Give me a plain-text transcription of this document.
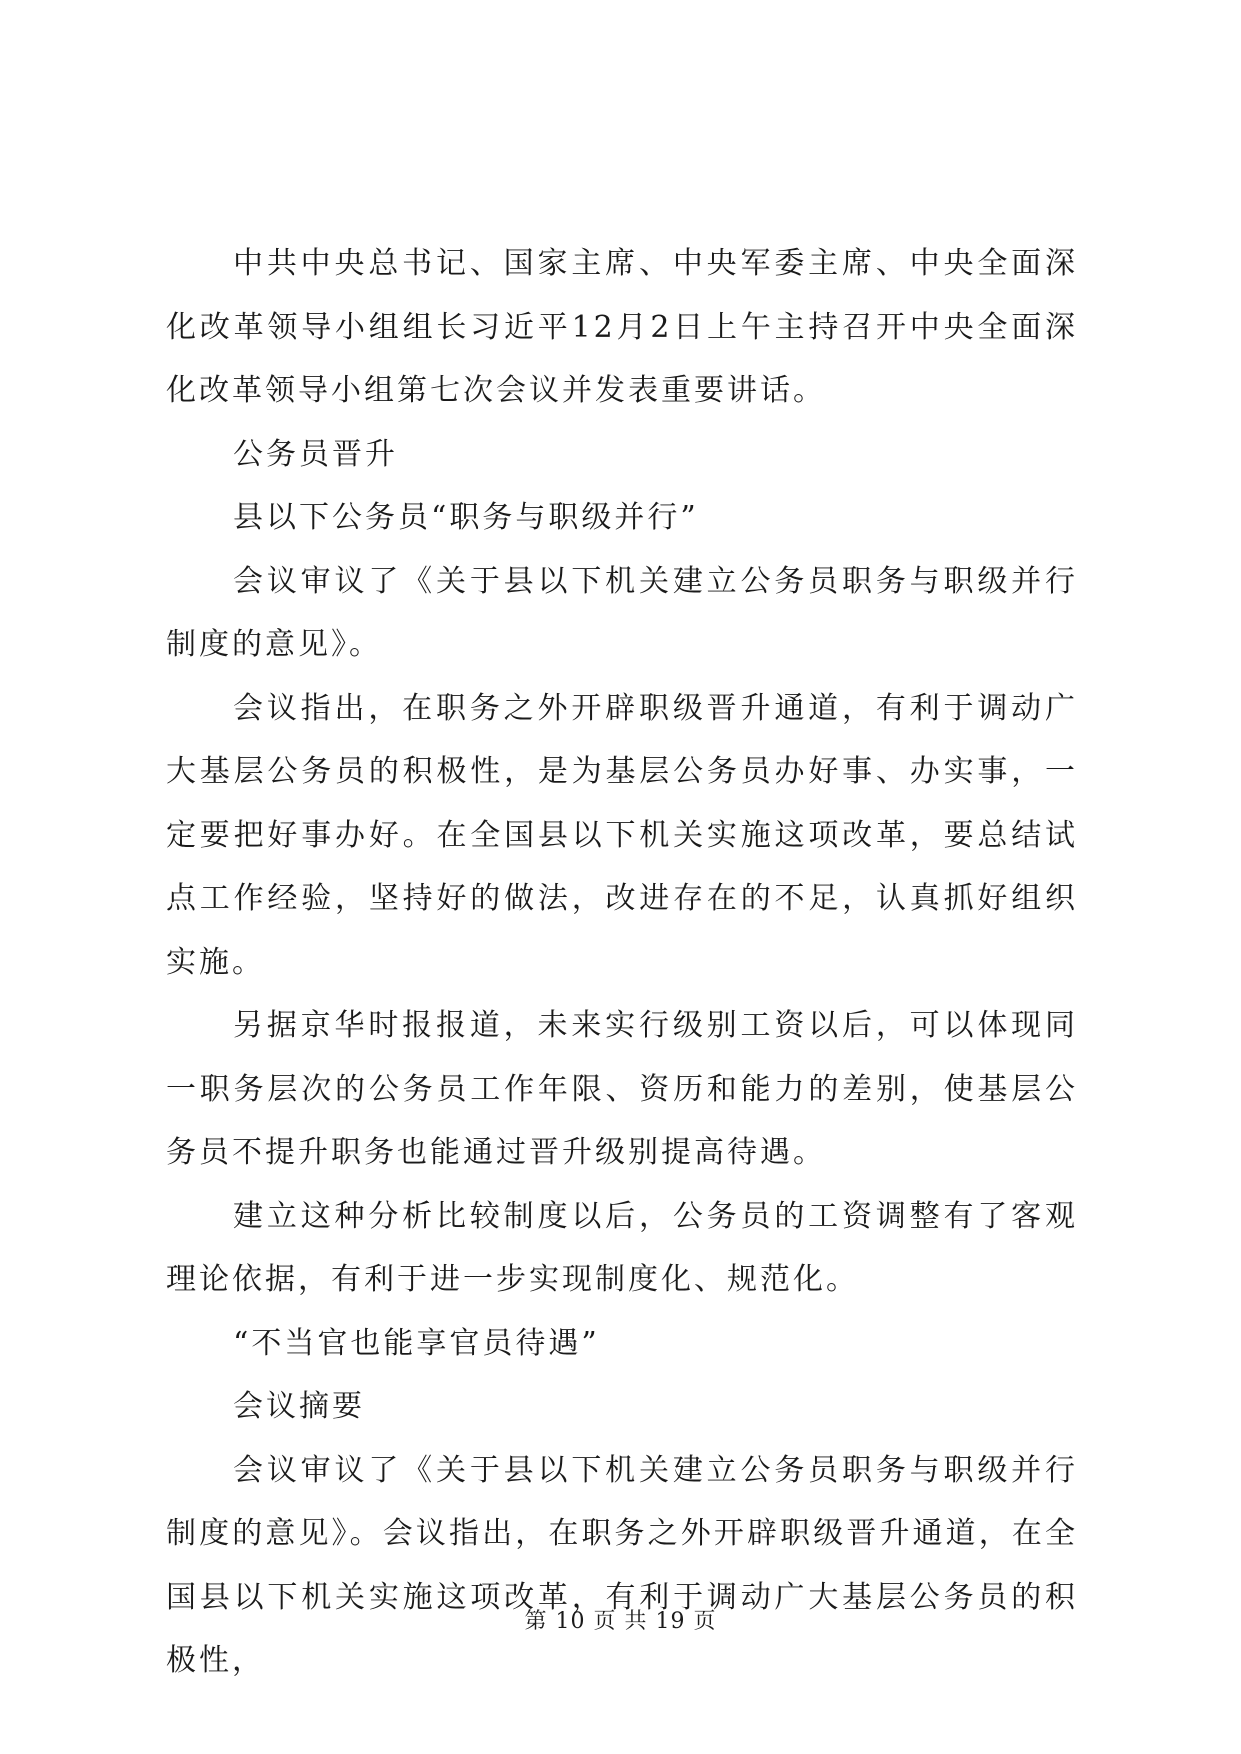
中共中央总书记、国家主席、中央军委主席、中央全面深化改革领导小组组长习近平12月2日上午主持召开中央全面深化改革领导小组第七次会议并发表重要讲话。

公务员晋升

县以下公务员“职务与职级并行”

会议审议了《关于县以下机关建立公务员职务与职级并行制度的意见》。

会议指出，在职务之外开辟职级晋升通道，有利于调动广大基层公务员的积极性，是为基层公务员办好事、办实事，一定要把好事办好。在全国县以下机关实施这项改革，要总结试点工作经验，坚持好的做法，改进存在的不足，认真抓好组织实施。

另据京华时报报道，未来实行级别工资以后，可以体现同一职务层次的公务员工作年限、资历和能力的差别，使基层公务员不提升职务也能通过晋升级别提高待遇。

建立这种分析比较制度以后，公务员的工资调整有了客观理论依据，有利于进一步实现制度化、规范化。

“不当官也能享官员待遇”

会议摘要

会议审议了《关于县以下机关建立公务员职务与职级并行制度的意见》。会议指出，在职务之外开辟职级晋升通道，在全国县以下机关实施这项改革，有利于调动广大基层公务员的积极性，

第 10 页 共 19 页
